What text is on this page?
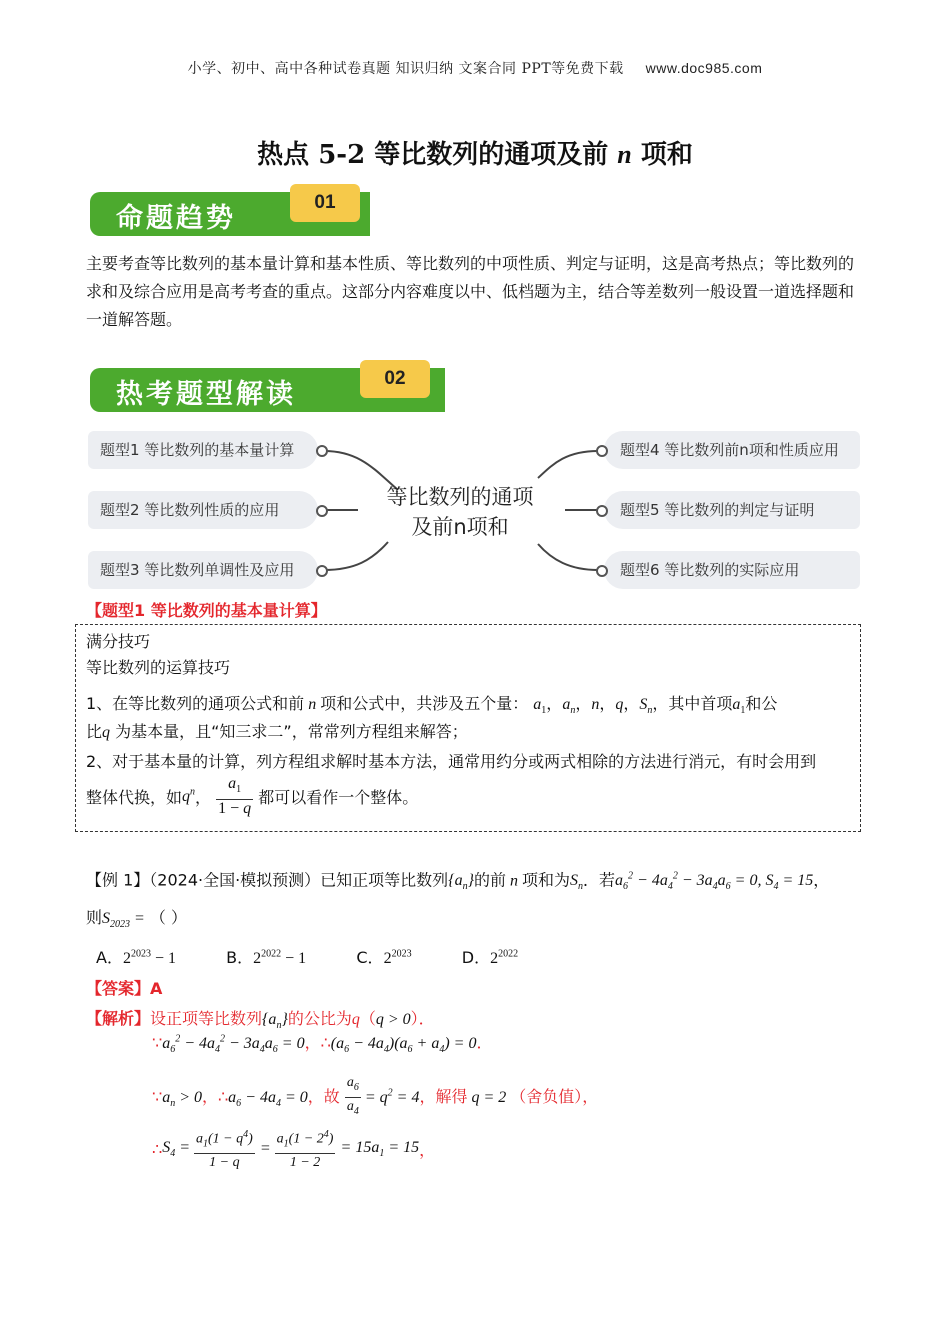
小学、初中、高中各种试卷真题 知识归纳 文案合同 PPT等免费下载 www.doc985.com
热点 5-2 等比数列的通项及前 n 项和
命题趋势
01
主要考查等比数列的基本量计算和基本性质、等比数列的中项性质、判定与证明，这是高考热点；等比数列的求和及综合应用是高考考查的重点。这部分内容难度以中、低档题为主，结合等差数列一般设置一道选择题和一道解答题。
热考题型解读
02
题型1 等比数列的基本量计算
题型2 等比数列性质的应用
题型3 等比数列单调性及应用
题型4 等比数列前n项和性质应用
题型5 等比数列的判定与证明
题型6 等比数列的实际应用
等比数列的通项及前n项和
【题型1 等比数列的基本量计算】
满分技巧
等比数列的运算技巧
1、在等比数列的通项公式和前 n 项和公式中，共涉及五个量： $a_1$，$a_n$，n，q，$S_n$，其中首项$a_1$和公
比q 为基本量，且“知三求二”，常常列方程组来解答；
2、对于基本量的计算，列方程组求解时基本方法，通常用约分或两式相除的方法进行消元，有时会用到
整体代换，如$q^n$， $\frac{a_1}{1 - q}$ 都可以看作一个整体。
【例 1】（2024·全国·模拟预测）已知正项等比数列$\{a_n\}$的前 n 项和为$S_n$．若$a_6^2 - 4a_4^2 - 3a_4a_6 = 0$, $S_4 = 15$，
则$S_{2023}$ = （ ）
A．$2^{2023} - 1$	B．$2^{2022} - 1$	C．$2^{2023}$	D．$2^{2022}$
【答案】A
【解析】设正项等比数列$\{a_n\}$的公比为q（q > 0）．
$\because a_6^2 - 4a_4^2 - 3a_4a_6 = 0$，$\therefore(a_6 - 4a_4)(a_6 + a_4) = 0$．
$\because a_n > 0$，$\therefore a_6 - 4a_4 = 0$，故 $\frac{a_6}{a_4} = q^2 = 4$，解得 q = 2 （舍负值），
$\therefore S_4 = \frac{a_1(1 - q^4)}{1 - q} = \frac{a_1(1 - 2^4)}{1 - 2} = 15a_1 = 15$，
